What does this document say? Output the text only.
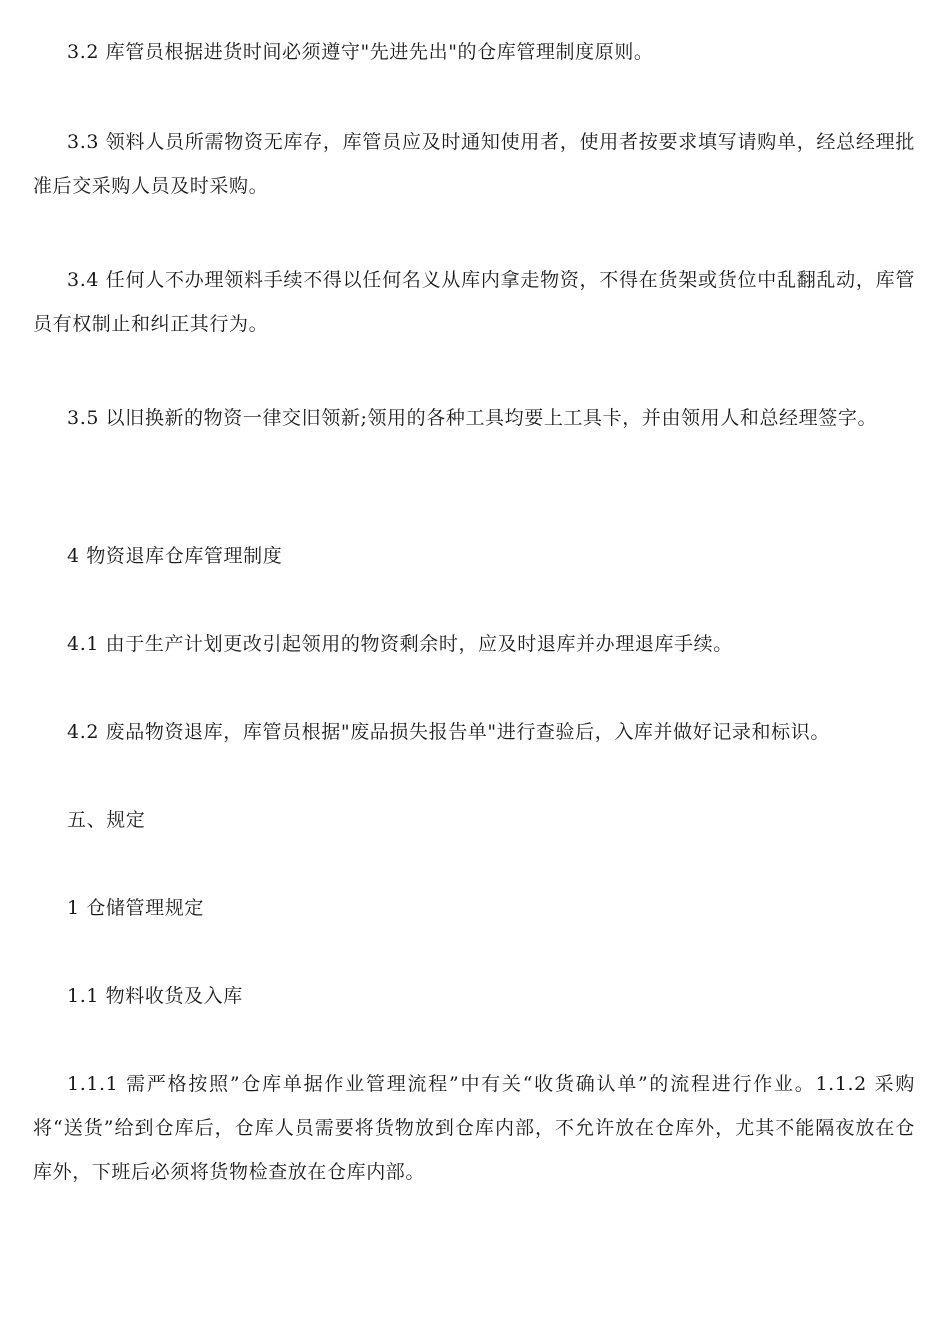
3.2 库管员根据进货时间必须遵守"先进先出"的仓库管理制度原则。

3.3 领料人员所需物资无库存，库管员应及时通知使用者，使用者按要求填写请购单，经总经理批准后交采购人员及时采购。

3.4 任何人不办理领料手续不得以任何名义从库内拿走物资，不得在货架或货位中乱翻乱动，库管员有权制止和纠正其行为。

3.5 以旧换新的物资一律交旧领新;领用的各种工具均要上工具卡，并由领用人和总经理签字。

4 物资退库仓库管理制度

4.1 由于生产计划更改引起领用的物资剩余时，应及时退库并办理退库手续。

4.2 废品物资退库，库管员根据"废品损失报告单"进行查验后，入库并做好记录和标识。

五、规定

1 仓储管理规定

1.1 物料收货及入库

1.1.1 需严格按照”仓库单据作业管理流程”中有关“收货确认单”的流程进行作业。1.1.2 采购将“送货”给到仓库后，仓库人员需要将货物放到仓库内部，不允许放在仓库外，尤其不能隔夜放在仓库外，下班后必须将货物检查放在仓库内部。
